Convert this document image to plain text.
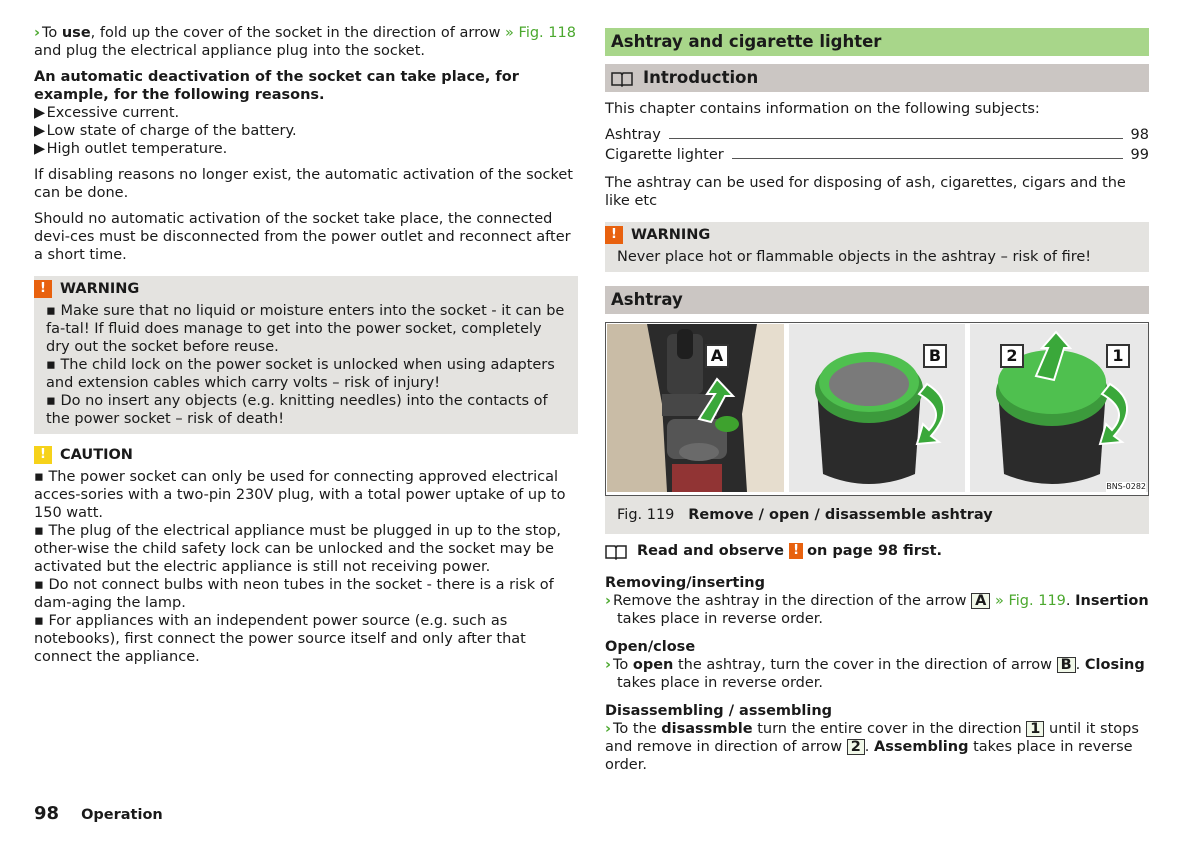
› To use, fold up the cover of the socket in the direction of arrow » Fig. 118 and plug the electrical appliance plug into the socket.

An automatic deactivation of the socket can take place, for example, for the following reasons.

▶ Excessive current.
▶ Low state of charge of the battery.
▶ High outlet temperature.

If disabling reasons no longer exist, the automatic activation of the socket can be done.

Should no automatic activation of the socket take place, the connected devi-ces must be disconnected from the power outlet and reconnect after a short time.

! WARNING
▪ Make sure that no liquid or moisture enters into the socket - it can be fa-tal! If fluid does manage to get into the power socket, completely dry out the socket before reuse.
▪ The child lock on the power socket is unlocked when using adapters and extension cables which carry volts – risk of injury!
▪ Do no insert any objects (e.g. knitting needles) into the contacts of the power socket – risk of death!
! CAUTION
▪ The power socket can only be used for connecting approved electrical acces-sories with a two-pin 230V plug, with a total power uptake of up to 150 watt.
▪ The plug of the electrical appliance must be plugged in up to the stop, other-wise the child safety lock can be unlocked and the socket may be activated but the electric appliance is still not receiving power.
▪ Do not connect bulbs with neon tubes in the socket - there is a risk of dam-aging the lamp.
▪ For appliances with an independent power source (e.g. such as notebooks), first connect the power source itself and only after that connect the appliance.
Ashtray and cigarette lighter
Introduction

This chapter contains information on the following subjects:

Ashtray	98
Cigarette lighter	99

The ashtray can be used for disposing of ash, cigarettes, cigars and the like etc

! WARNING
Never place hot or flammable objects in the ashtray – risk of fire!
Ashtray
A	B	2	1
BNS-0282
Fig. 119 Remove / open / disassemble ashtray

Read and observe
! on page 98 first.

Removing/inserting

› Remove the ashtray in the direction of the arrow A » Fig. 119. Insertion

takes place in reverse order.

Open/close

› To open the ashtray, turn the cover in the direction of arrow B . Closing

takes place in reverse order.

Disassembling / assembling

› To the disassmble turn the entire cover in the direction 1 until it stops and remove in direction of arrow 2 . Assembling takes place in reverse order.

98 Operation
